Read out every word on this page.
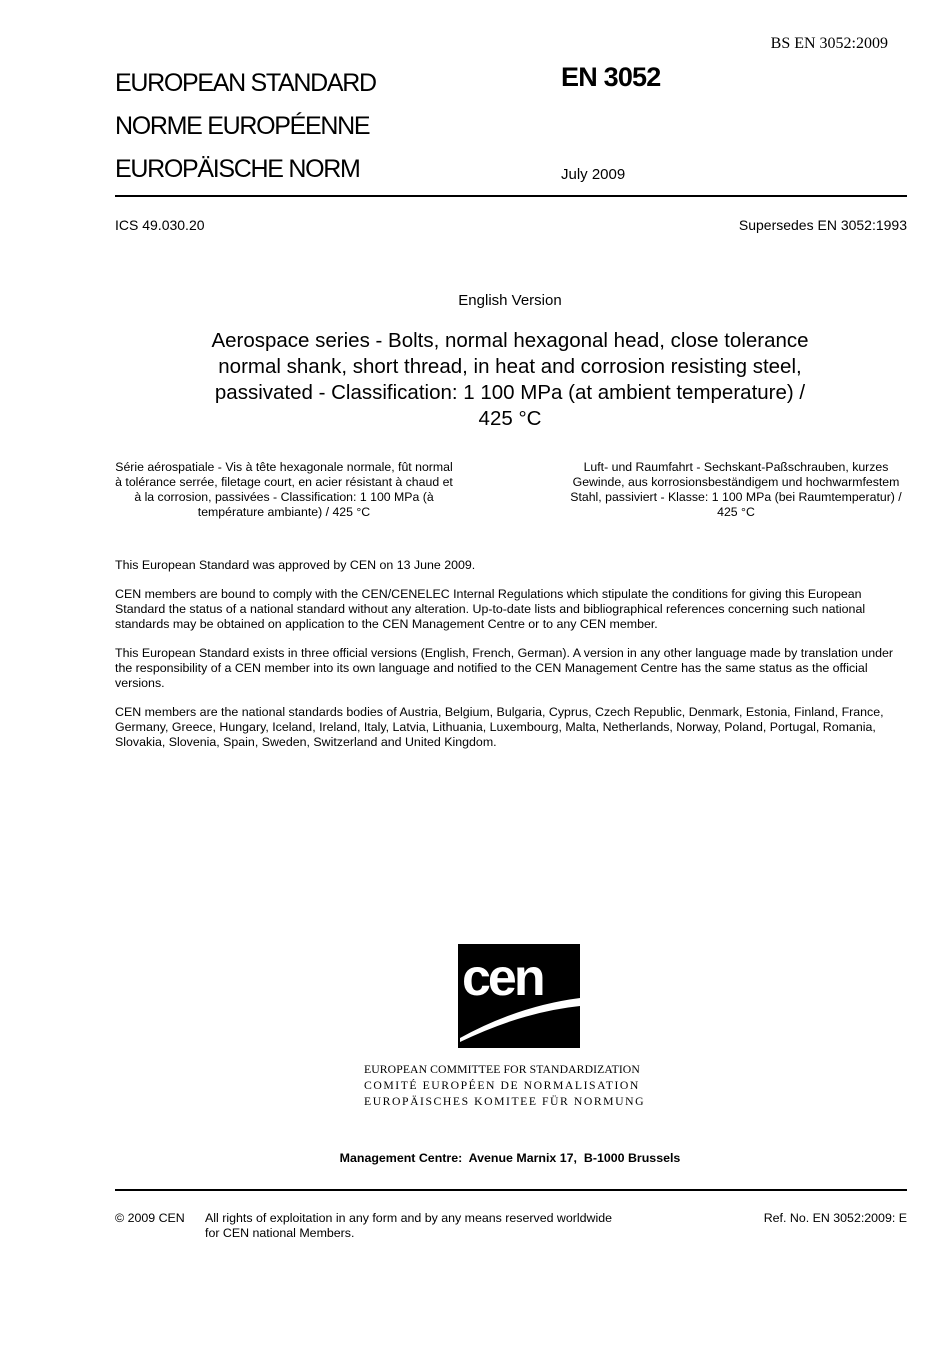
BS EN 3052:2009
EUROPEAN STANDARD
NORME EUROPÉENNE
EUROPÄISCHE NORM
EN 3052
July 2009
ICS 49.030.20	Supersedes EN 3052:1993
English Version
Aerospace series - Bolts, normal hexagonal head, close tolerance normal shank, short thread, in heat and corrosion resisting steel, passivated - Classification: 1 100 MPa (at ambient temperature) / 425 °C
Série aérospatiale - Vis à tête hexagonale normale, fût normal à tolérance serrée, filetage court, en acier résistant à chaud et à la corrosion, passivées - Classification: 1 100 MPa (à température ambiante) / 425 °C
Luft- und Raumfahrt - Sechskant-Paßschrauben, kurzes Gewinde, aus korrosionsbeständigem und hochwarmfestem Stahl, passiviert - Klasse: 1 100 MPa (bei Raumtemperatur) / 425 °C

This European Standard was approved by CEN on 13 June 2009.

CEN members are bound to comply with the CEN/CENELEC Internal Regulations which stipulate the conditions for giving this European Standard the status of a national standard without any alteration. Up-to-date lists and bibliographical references concerning such national standards may be obtained on application to the CEN Management Centre or to any CEN member.

This European Standard exists in three official versions (English, French, German). A version in any other language made by translation under the responsibility of a CEN member into its own language and notified to the CEN Management Centre has the same status as the official versions.

CEN members are the national standards bodies of Austria, Belgium, Bulgaria, Cyprus, Czech Republic, Denmark, Estonia, Finland, France, Germany, Greece, Hungary, Iceland, Ireland, Italy, Latvia, Lithuania, Luxembourg, Malta, Netherlands, Norway, Poland, Portugal, Romania, Slovakia, Slovenia, Spain, Sweden, Switzerland and United Kingdom.

cen
EUROPEAN COMMITTEE FOR STANDARDIZATION
COMITÉ EUROPÉEN DE NORMALISATION
EUROPÄISCHES KOMITEE FÜR NORMUNG
Management Centre:  Avenue Marnix 17,  B-1000 Brussels
© 2009 CEN All rights of exploitation in any form and by any means reserved worldwide for CEN national Members.
Ref. No. EN 3052:2009: E
